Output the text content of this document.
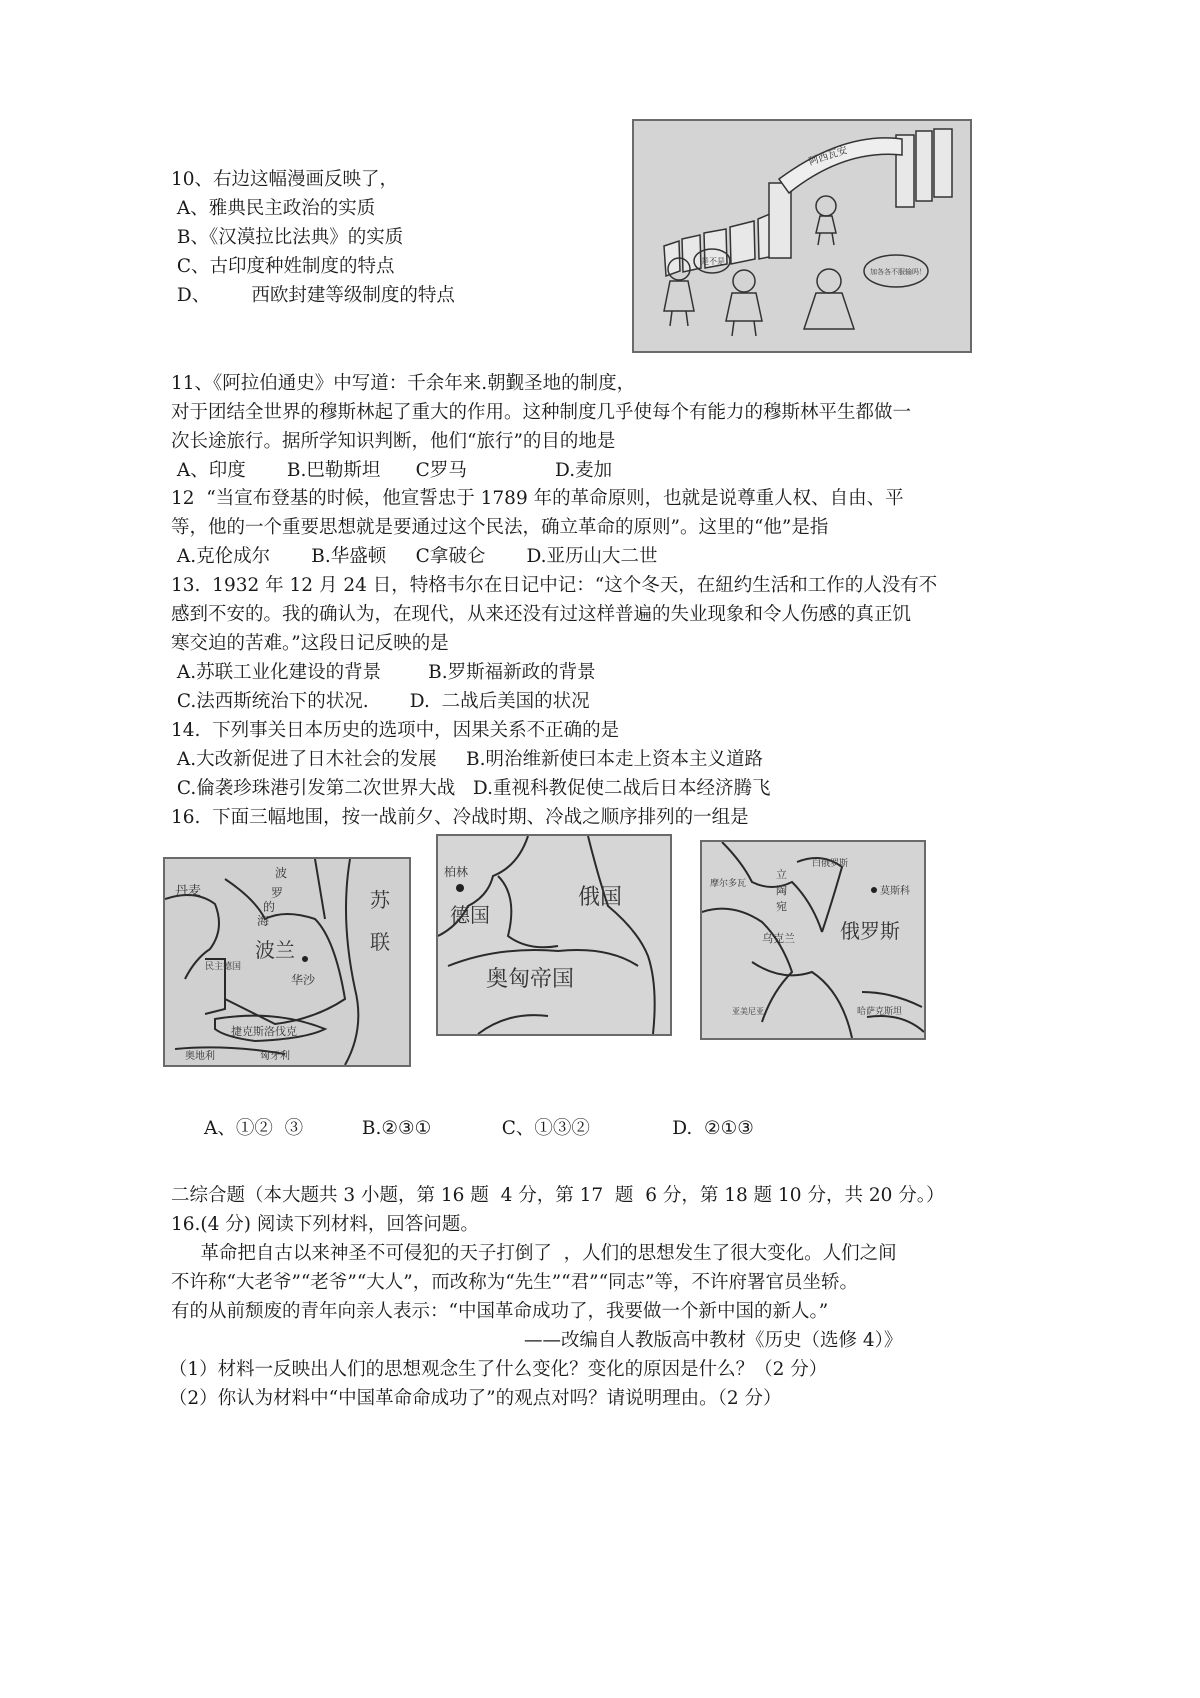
10、右边这幅漫画反映了，
A、雅典民主政治的实质
B、《汉漠拉比法典》的实质
C、古印度种姓制度的特点
D、       西欧封建等级制度的特点
阿西瓦安
是不是
加各各不服输吗！
11、《阿拉伯通史》中写道：千余年来.朝觐圣地的制度，
对于团结全世界的穆斯林起了重大的作用。这种制度几乎使每个有能力的穆斯林平生都做一
次长途旅行。据所学知识判断，他们“旅行”的目的地是
A、印度       B.巴勒斯坦      C罗马               D.麦加
12  “当宣布登基的时候，他宣誓忠于 1789 年的革命原则，也就是说尊重人权、自由、平
等，他的一个重要思想就是要通过这个民法，确立革命的原则”。这里的“他”是指
A.克伦成尔       B.华盛顿     C拿破仑       D.亚历山大二世
13.  1932 年 12 月 24 日，特格韦尔在日记中记：“这个冬天，在紐约生活和工作的人没有不
感到不安的。我的确认为，在现代，从来还没有过这样普遍的失业现象和令人伤感的真正饥
寒交迫的苦难。”这段日记反映的是
A.苏联工业化建设的背景        B.罗斯福新政的背景
C.法西斯统治下的状况.       D.  二战后美国的状况
14.  下列事关日本历史的选项中，因果关系不正确的是
A.大改新促进了日木社会的发展     B.明治维新使曰本走上资本主义道路
C.倫袭珍珠港引发第二次世界大战   D.重视科教促使二战后日本经济腾飞
16.  下面三幅地围，按一战前夕、冷战时期、冷战之顺序排列的一组是
丹麦
波
罗
的
海
苏
联
民主德国
波兰
华沙
捷克斯洛伐克
奥地利	匈牙利
柏林
德国
俄国
奥匈帝国
白俄罗斯
莫斯科
俄罗斯
乌克兰
摩尔多瓦
立
陶
宛
哈萨克斯坦
亚美尼亚
A、①②  ③          B.②③①            C、①③②              D.  ②①③
二综合题（本大题共 3 小题，第 16 题  4 分，第 17  题  6 分，第 18 题 10 分，共 20 分。）
16.(4 分) 阅读下列材料，回答问题。
革命把自古以来神圣不可侵犯的天子打倒了  ，人们的思想发生了很大变化。人们之间
不许称“大老爷”“老爷”“大人”，而改称为“先生”“君”“同志”等，不许府署官员坐轿。
有的从前颓废的青年向亲人表示：“中国革命成功了，我要做一个新中国的新人。”
——改编自人教版高中教材《历史（选修 4）》
（1）材料一反映出人们的思想观念生了什么变化？变化的原因是什么？（2 分）
（2）你认为材料中“中国革命命成功了”的观点对吗？请说明理由。（2 分）
